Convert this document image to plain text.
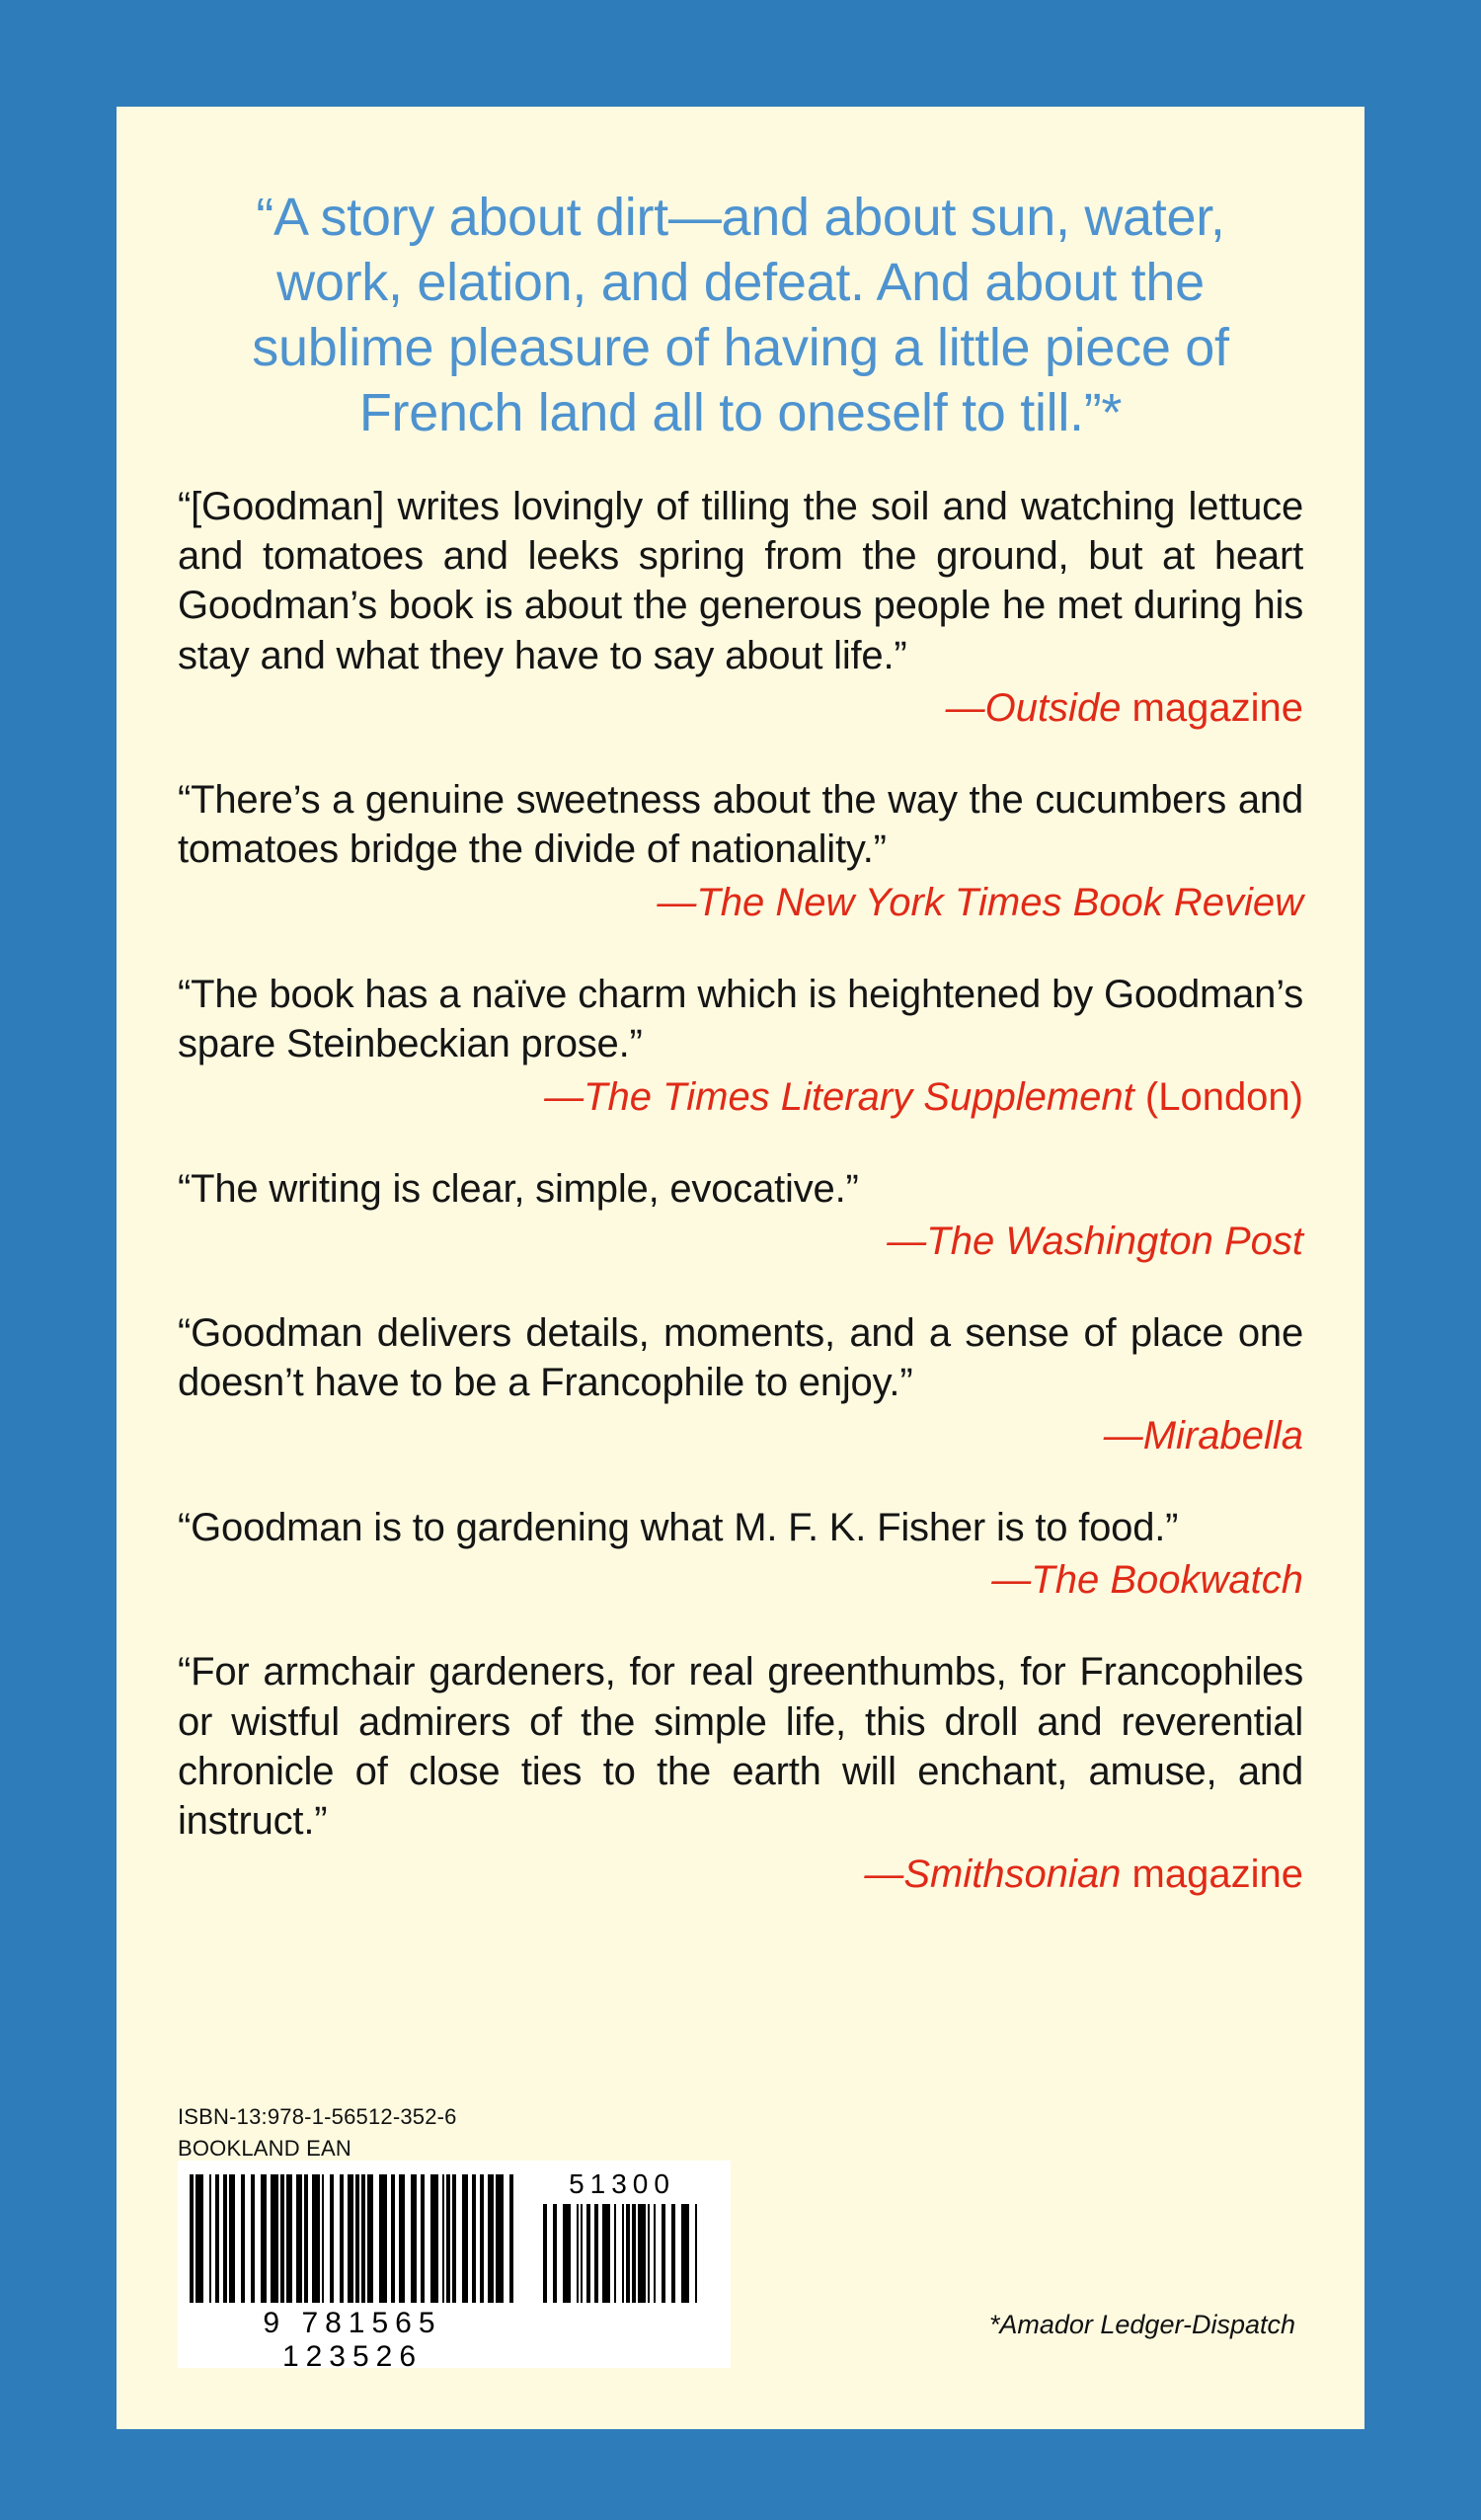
“A story about dirt—and about sun, water, work, elation, and defeat. And about the sublime pleasure of having a little piece of French land all to oneself to till.”*

“[Goodman] writes lovingly of tilling the soil and watching lettuce and tomatoes and leeks spring from the ground, but at heart Goodman’s book is about the generous people he met during his stay and what they have to say about life.”

—Outside magazine

“There’s a genuine sweetness about the way the cucumbers and tomatoes bridge the divide of nationality.”

—The New York Times Book Review

“The book has a naïve charm which is heightened by Goodman’s spare Steinbeckian prose.”

—The Times Literary Supplement (London)

“The writing is clear, simple, evocative.”

—The Washington Post

“Goodman delivers details, moments, and a sense of place one doesn’t have to be a Francophile to enjoy.”

—Mirabella

“Goodman is to gardening what M. F. K. Fisher is to food.”

—The Bookwatch

“For armchair gardeners, for real greenthumbs, for Francophiles or wistful admirers of the simple life, this droll and reverential chronicle of close ties to the earth will enchant, amuse, and instruct.”

—Smithsonian magazine
ISBN-13:978-1-56512-352-6
BOOKLAND EAN
51300
9 781565 123526
*Amador Ledger-Dispatch
